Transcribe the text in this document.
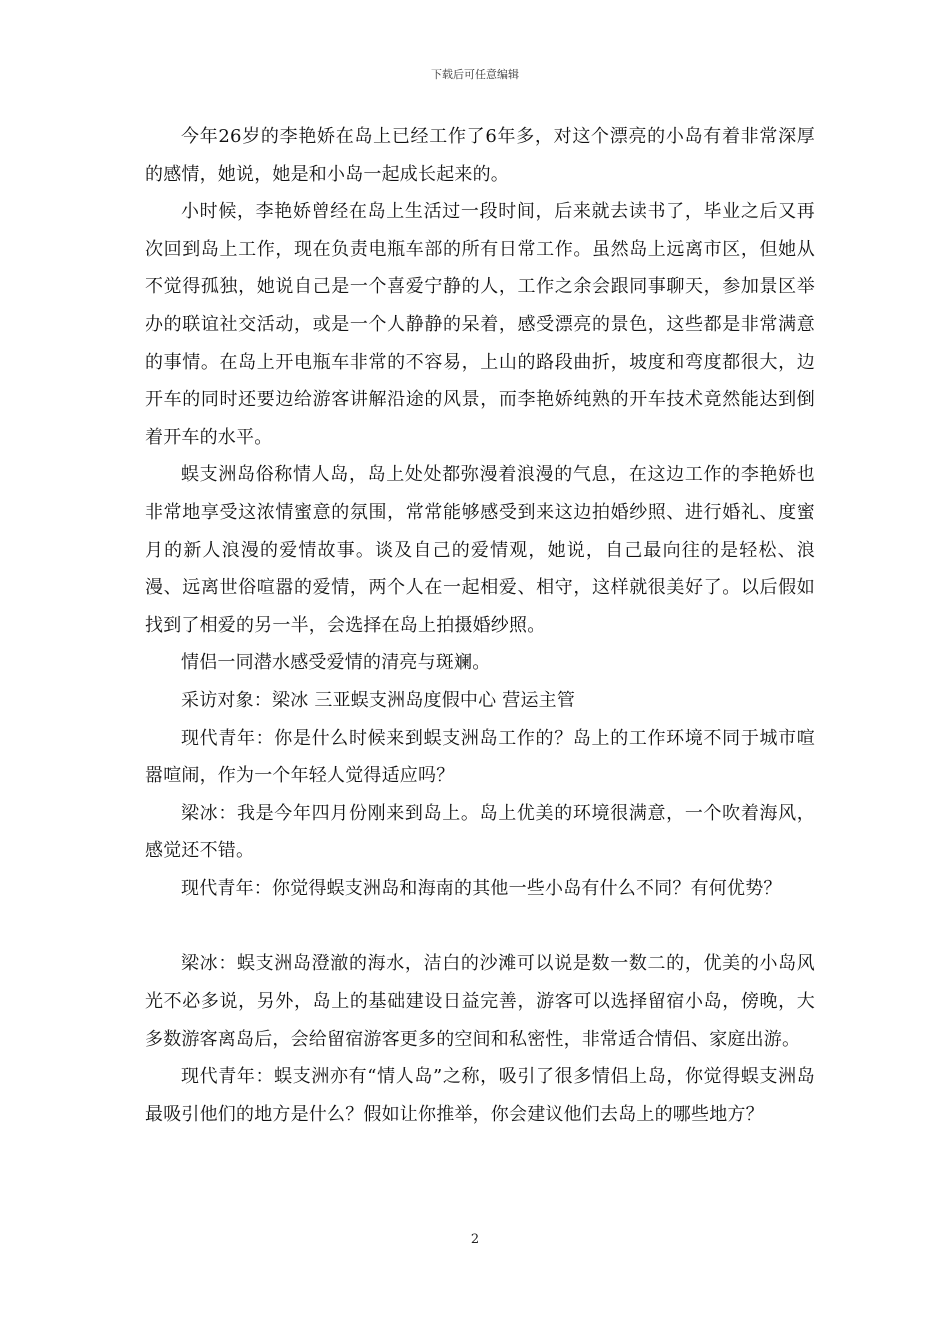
下载后可任意编辑

今年26岁的李艳娇在岛上已经工作了6年多，对这个漂亮的小岛有着非常深厚的感情，她说，她是和小岛一起成长起来的。

小时候，李艳娇曾经在岛上生活过一段时间，后来就去读书了，毕业之后又再次回到岛上工作，现在负责电瓶车部的所有日常工作。虽然岛上远离市区，但她从不觉得孤独，她说自己是一个喜爱宁静的人，工作之余会跟同事聊天，参加景区举办的联谊社交活动，或是一个人静静的呆着，感受漂亮的景色，这些都是非常满意的事情。在岛上开电瓶车非常的不容易，上山的路段曲折，坡度和弯度都很大，边开车的同时还要边给游客讲解沿途的风景，而李艳娇纯熟的开车技术竟然能达到倒着开车的水平。

蜈支洲岛俗称情人岛，岛上处处都弥漫着浪漫的气息，在这边工作的李艳娇也非常地享受这浓情蜜意的氛围，常常能够感受到来这边拍婚纱照、进行婚礼、度蜜月的新人浪漫的爱情故事。谈及自己的爱情观，她说，自己最向往的是轻松、浪漫、远离世俗喧嚣的爱情，两个人在一起相爱、相守，这样就很美好了。以后假如找到了相爱的另一半，会选择在岛上拍摄婚纱照。

情侣一同潜水感受爱情的清亮与斑斓。

采访对象：梁冰 三亚蜈支洲岛度假中心 营运主管

现代青年：你是什么时候来到蜈支洲岛工作的？岛上的工作环境不同于城市喧嚣喧闹，作为一个年轻人觉得适应吗？

梁冰：我是今年四月份刚来到岛上。岛上优美的环境很满意，一个吹着海风，感觉还不错。

现代青年：你觉得蜈支洲岛和海南的其他一些小岛有什么不同？有何优势？

梁冰：蜈支洲岛澄澈的海水，洁白的沙滩可以说是数一数二的，优美的小岛风光不必多说，另外，岛上的基础建设日益完善，游客可以选择留宿小岛，傍晚，大多数游客离岛后，会给留宿游客更多的空间和私密性，非常适合情侣、家庭出游。

现代青年：蜈支洲亦有“情人岛”之称，吸引了很多情侣上岛，你觉得蜈支洲岛最吸引他们的地方是什么？假如让你推举，你会建议他们去岛上的哪些地方？

2
